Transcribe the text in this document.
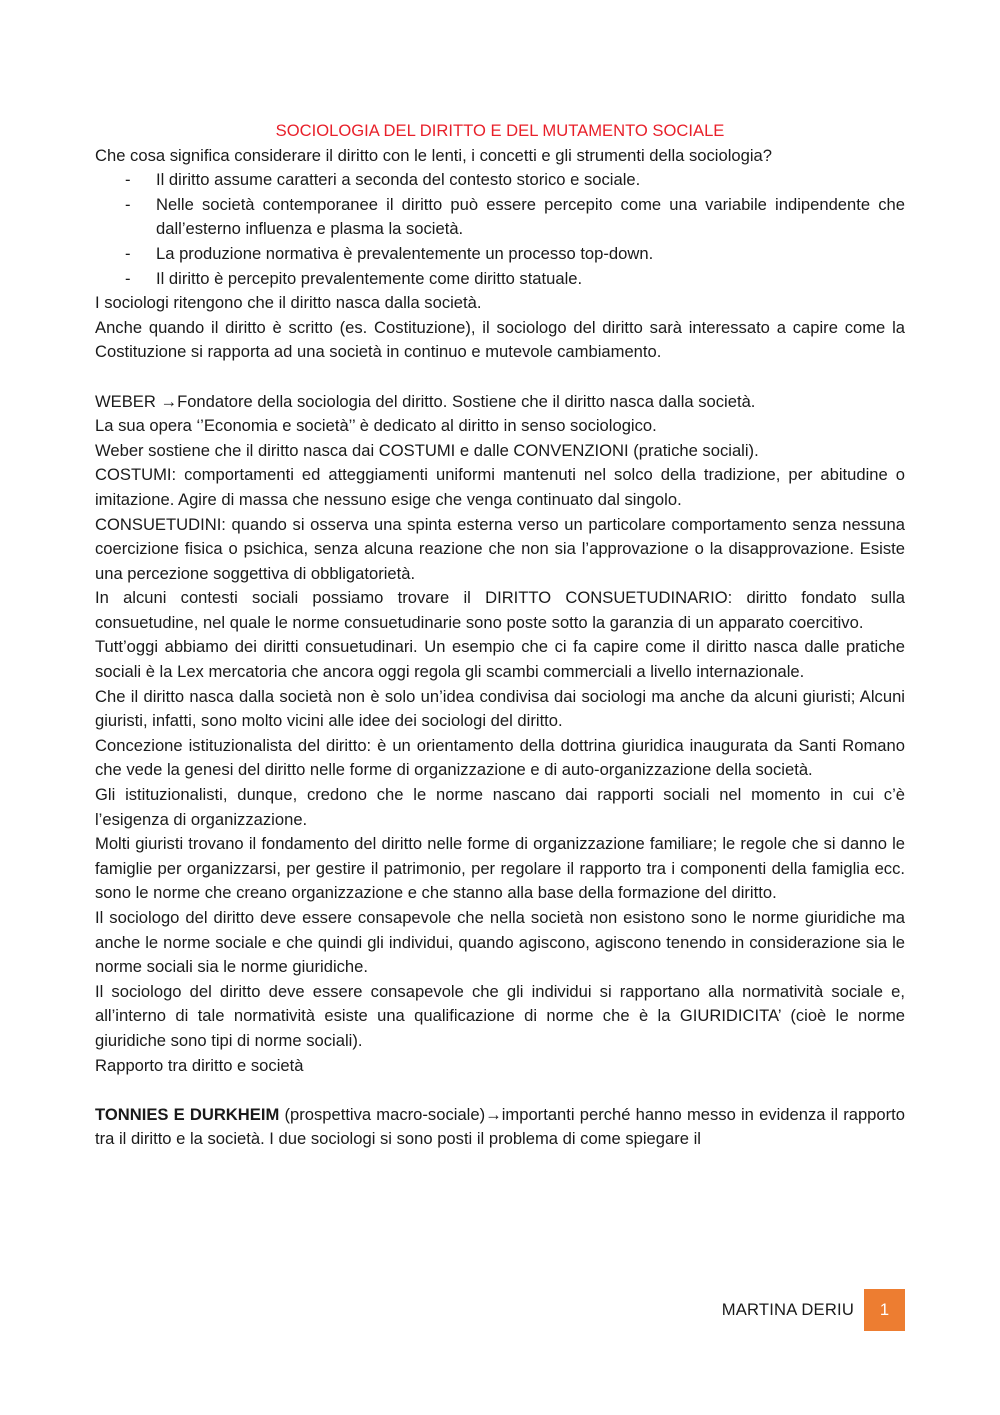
SOCIOLOGIA DEL DIRITTO E DEL MUTAMENTO SOCIALE

Che cosa significa considerare il diritto con le lenti, i concetti e gli strumenti della sociologia?

- Il diritto assume caratteri a seconda del contesto storico e sociale.
- Nelle società contemporanee il diritto può essere percepito come una variabile indipendente che dall’esterno influenza e plasma la società.
- La produzione normativa è prevalentemente un processo top-down.
- Il diritto è percepito prevalentemente come diritto statuale.

I sociologi ritengono che il diritto nasca dalla società.

Anche quando il diritto è scritto (es. Costituzione), il sociologo del diritto sarà interessato a capire come la Costituzione si rapporta ad una società in continuo e mutevole cambiamento.

WEBER →Fondatore della sociologia del diritto. Sostiene che il diritto nasca dalla società.

La sua opera ‘’Economia e società’’ è dedicato al diritto in senso sociologico.

Weber sostiene che il diritto nasca dai COSTUMI e dalle CONVENZIONI (pratiche sociali).

COSTUMI: comportamenti ed atteggiamenti uniformi mantenuti nel solco della tradizione, per abitudine o imitazione. Agire di massa che nessuno esige che venga continuato dal singolo.

CONSUETUDINI: quando si osserva una spinta esterna verso un particolare comportamento senza nessuna coercizione fisica o psichica, senza alcuna reazione che non sia l’approvazione o la disapprovazione. Esiste una percezione soggettiva di obbligatorietà.

In alcuni contesti sociali possiamo trovare il DIRITTO CONSUETUDINARIO: diritto fondato sulla consuetudine, nel quale le norme consuetudinarie sono poste sotto la garanzia di un apparato coercitivo.

Tutt’oggi abbiamo dei diritti consuetudinari. Un esempio che ci fa capire come il diritto nasca dalle pratiche sociali è la Lex mercatoria che ancora oggi regola gli scambi commerciali a livello internazionale.

Che il diritto nasca dalla società non è solo un’idea condivisa dai sociologi ma anche da alcuni giuristi; Alcuni giuristi, infatti, sono molto vicini alle idee dei sociologi del diritto.

Concezione istituzionalista del diritto: è un orientamento della dottrina giuridica inaugurata da Santi Romano che vede la genesi del diritto nelle forme di organizzazione e di auto-organizzazione della società.

Gli istituzionalisti, dunque, credono che le norme nascano dai rapporti sociali nel momento in cui c’è l’esigenza di organizzazione.

Molti giuristi trovano il fondamento del diritto nelle forme di organizzazione familiare; le regole che si danno le famiglie per organizzarsi, per gestire il patrimonio, per regolare il rapporto tra i componenti della famiglia ecc. sono le norme che creano organizzazione e che stanno alla base della formazione del diritto.

Il sociologo del diritto deve essere consapevole che nella società non esistono sono le norme giuridiche ma anche le norme sociale e che quindi gli individui, quando agiscono, agiscono tenendo in considerazione sia le norme sociali sia le norme giuridiche.

Il sociologo del diritto deve essere consapevole che gli individui si rapportano alla normatività sociale e, all’interno di tale normatività esiste una qualificazione di norme che è la GIURIDICITA’ (cioè le norme giuridiche sono tipi di norme sociali).

Rapporto tra diritto e società

TONNIES E DURKHEIM (prospettiva macro-sociale)→importanti perché hanno messo in evidenza il rapporto tra il diritto e la società. I due sociologi si sono posti il problema di come spiegare il

MARTINA DERIU	1
